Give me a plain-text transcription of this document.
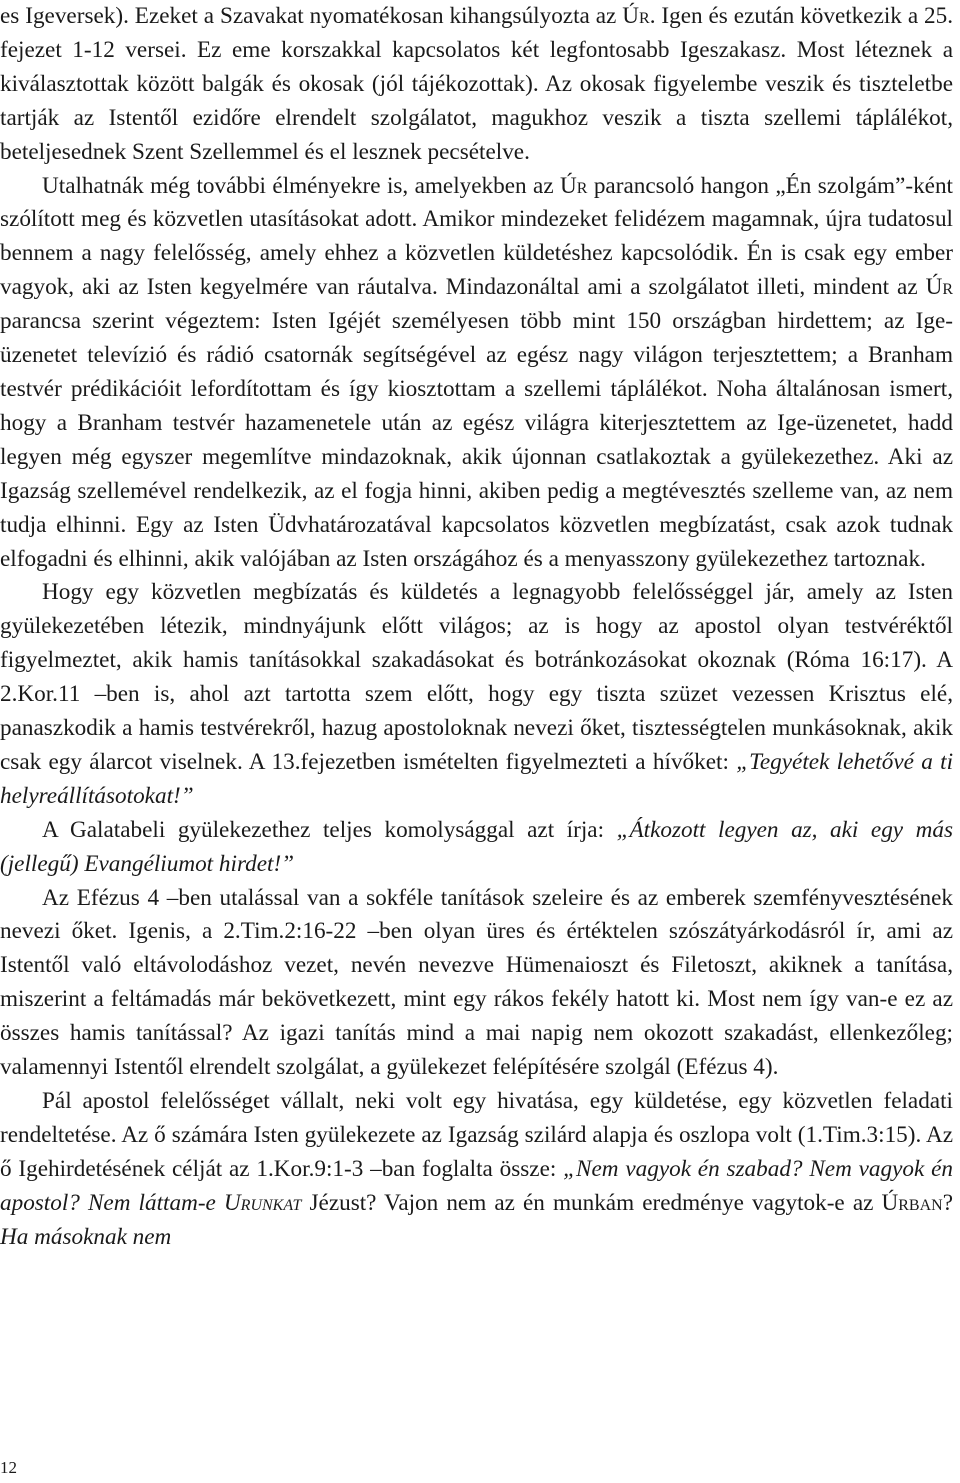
es Igeversek). Ezeket a Szavakat nyomatékosan kihangsúlyozta az Úr. Igen és ezután következik a 25. fejezet 1-12 versei. Ez eme korszakkal kapcsolatos két legfontosabb Igeszakasz. Most léteznek a kiválasztottak között balgák és okosak (jól tájékozottak). Az okosak figyelembe veszik és tiszteletbe tartják az Istentől ezidőre elrendelt szolgálatot, magukhoz veszik a tiszta szellemi táplálékot, beteljesednek Szent Szellemmel és el lesznek pecsételve.

Utalhatnák még további élményekre is, amelyekben az Úr parancsoló hangon „Én szolgám”-ként szólított meg és közvetlen utasításokat adott. Amikor mindezeket felidézem magamnak, újra tudatosul bennem a nagy felelősség, amely ehhez a közvetlen küldetéshez kapcsolódik. Én is csak egy ember vagyok, aki az Isten kegyelmére van ráutalva. Mindazonáltal ami a szolgálatot illeti, mindent az Úr parancsa szerint végeztem: Isten Igéjét személyesen több mint 150 országban hirdettem; az Ige-üzenetet televízió és rádió csatornák segítségével az egész nagy világon terjesztettem; a Branham testvér prédikációit lefordítottam és így kiosztottam a szellemi táplálékot. Noha általánosan ismert, hogy a Branham testvér hazamenetele után az egész világra kiterjesztettem az Ige-üzenetet, hadd legyen még egyszer megemlítve mindazoknak, akik újonnan csatlakoztak a gyülekezethez. Aki az Igazság szellemével rendelkezik, az el fogja hinni, akiben pedig a megtévesztés szelleme van, az nem tudja elhinni. Egy az Isten Üdvhatározatával kapcsolatos közvetlen megbízatást, csak azok tudnak elfogadni és elhinni, akik valójában az Isten országához és a menyasszony gyülekezethez tartoznak.

Hogy egy közvetlen megbízatás és küldetés a legnagyobb felelősséggel jár, amely az Isten gyülekezetében létezik, mindnyájunk előtt világos; az is hogy az apostol olyan testvéréktől figyelmeztet, akik hamis tanításokkal szakadásokat és botránkozásokat okoznak (Róma 16:17). A 2.Kor.11 –ben is, ahol azt tartotta szem előtt, hogy egy tiszta szüzet vezessen Krisztus elé, panaszkodik a hamis testvérekről, hazug apostoloknak nevezi őket, tisztességtelen munkásoknak, akik csak egy álarcot viselnek. A 13.fejezetben ismételten figyelmezteti a hívőket: „Tegyétek lehetővé a ti helyreállításotokat!”

A Galatabeli gyülekezethez teljes komolysággal azt írja: „Átkozott legyen az, aki egy más (jellegű) Evangéliumot hirdet!”

Az Efézus 4 –ben utalással van a sokféle tanítások szeleire és az emberek szemfényvesztésének nevezi őket. Igenis, a 2.Tim.2:16-22 –ben olyan üres és értéktelen szószátyárkodásról ír, ami az Istentől való eltávolodáshoz vezet, nevén nevezve Hümenaioszt és Filetoszt, akiknek a tanítása, miszerint a feltámadás már bekövetkezett, mint egy rákos fekély hatott ki. Most nem így van-e ez az összes hamis tanítással? Az igazi tanítás mind a mai napig nem okozott szakadást, ellenkezőleg; valamennyi Istentől elrendelt szolgálat, a gyülekezet felépítésére szolgál (Efézus 4).

Pál apostol felelősséget vállalt, neki volt egy hivatása, egy küldetése, egy közvetlen feladati rendeltetése. Az ő számára Isten gyülekezete az Igazság szilárd alapja és oszlopa volt (1.Tim.3:15). Az ő Igehirdetésének célját az 1.Kor.9:1-3 –ban foglalta össze: „Nem vagyok én szabad? Nem vagyok én apostol? Nem láttam-e Urunkat Jézust? Vajon nem az én munkám eredménye vagytok-e az Úrban? Ha másoknak nem

12
